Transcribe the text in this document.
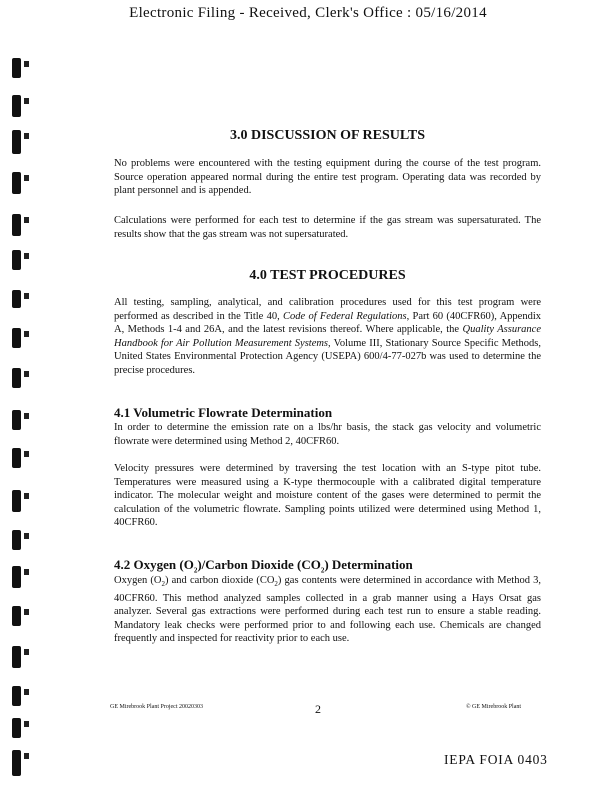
Electronic Filing - Received, Clerk's Office : 05/16/2014
3.0 DISCUSSION OF RESULTS

No problems were encountered with the testing equipment during the course of the test program. Source operation appeared normal during the entire test program. Operating data was recorded by plant personnel and is appended.

Calculations were performed for each test to determine if the gas stream was supersaturated. The results show that the gas stream was not supersaturated.

4.0 TEST PROCEDURES

All testing, sampling, analytical, and calibration procedures used for this test program were performed as described in the Title 40, Code of Federal Regulations, Part 60 (40CFR60), Appendix A, Methods 1-4 and 26A, and the latest revisions thereof. Where applicable, the Quality Assurance Handbook for Air Pollution Measurement Systems, Volume III, Stationary Source Specific Methods, United States Environmental Protection Agency (USEPA) 600/4-77-027b was used to determine the precise procedures.

4.1 Volumetric Flowrate Determination

In order to determine the emission rate on a lbs/hr basis, the stack gas velocity and volumetric flowrate were determined using Method 2, 40CFR60.

Velocity pressures were determined by traversing the test location with an S-type pitot tube. Temperatures were measured using a K-type thermocouple with a calibrated digital temperature indicator. The molecular weight and moisture content of the gases were determined to permit the calculation of the volumetric flowrate. Sampling points utilized were determined using Method 1, 40CFR60.

4.2 Oxygen $(O_2)$/Carbon Dioxide $(CO_2)$ Determination

Oxygen $(O_2)$ and carbon dioxide $(CO_2)$ gas contents were determined in accordance with Method 3, 40CFR60. This method analyzed samples collected in a grab manner using a Hays Orsat gas analyzer. Several gas extractions were performed during each test run to ensure a stable reading. Mandatory leak checks were performed prior to and following each use. Chemicals are changed frequently and inspected for reactivity prior to each use.

GE Mirebrook Plant Project 20020303	2	© GE Mirebrook Plant
IEPA FOIA 0403
